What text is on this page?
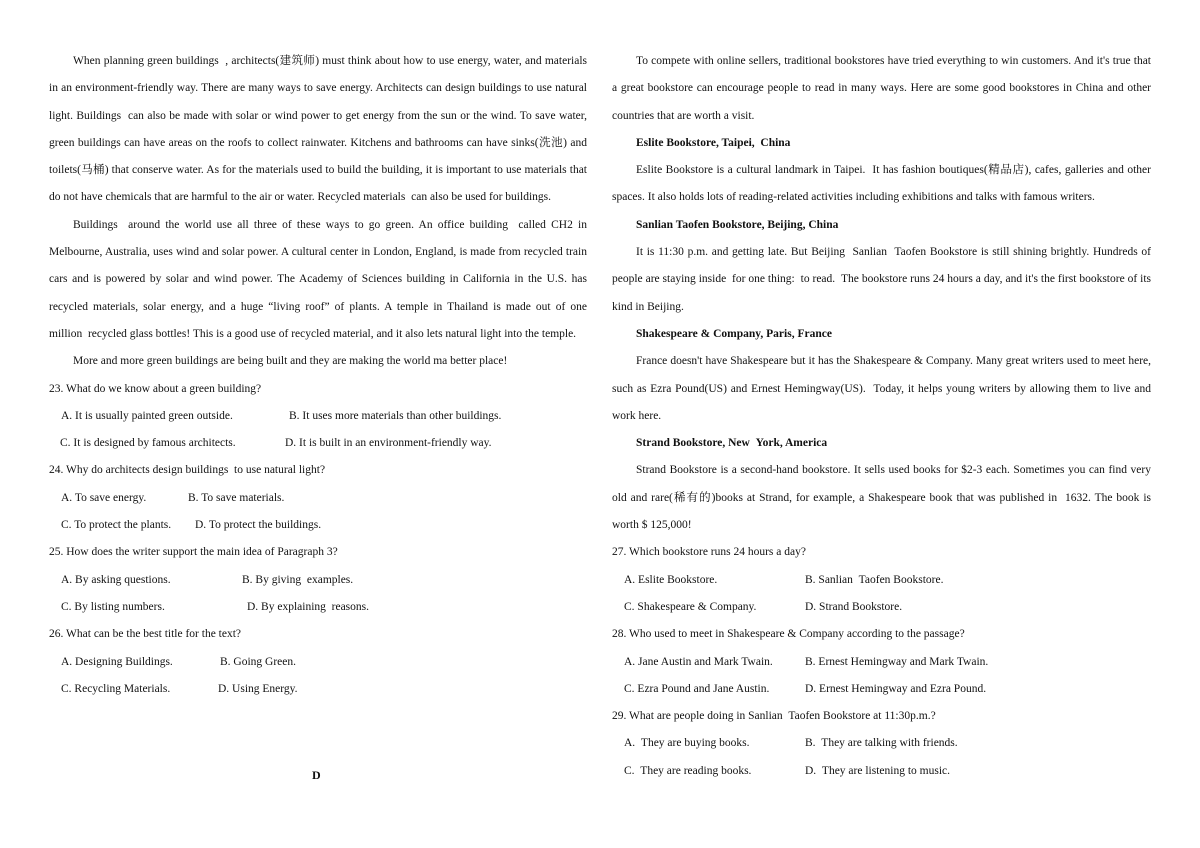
When planning green buildings  , architects(建筑师) must think about how to use energy, water, and materials in an environment-friendly way. There are many ways to save energy. Architects can design buildings to use natural light. Buildings  can also be made with solar or wind power to get energy from the sun or the wind. To save water, green buildings can have areas on the roofs to collect rainwater. Kitchens and bathrooms can have sinks(洗池) and toilets(马桶) that conserve water. As for the materials used to build the building, it is important to use materials that do not have chemicals that are harmful to the air or water. Recycled materials  can also be used for buildings.

Buildings  around the world use all three of these ways to go green. An office building  called CH2 in Melbourne, Australia, uses wind and solar power. A cultural center in London, England, is made from recycled train cars and is powered by solar and wind power. The Academy of Sciences building in California in the U.S. has recycled materials, solar energy, and a huge “living roof” of plants. A temple in Thailand is made out of one million  recycled glass bottles! This is a good use of recycled material, and it also lets natural light into the temple.

More and more green buildings are being built and they are making the world ma better place!

23. What do we know about a green building?

A. It is usually painted green outside.	B. It uses more materials than other buildings.
C. It is designed by famous architects.	D. It is built in an environment-friendly way.

24. Why do architects design buildings  to use natural light?

A. To save energy.	B. To save materials.
C. To protect the plants. D. To protect the buildings.

25. How does the writer support the main idea of Paragraph 3?

A. By asking questions.	B. By giving  examples.
C. By listing numbers.	D. By explaining  reasons.

26. What can be the best title for the text?

A. Designing Buildings.	B. Going Green.
C. Recycling Materials.	D. Using Energy.
D

To compete with online sellers, traditional bookstores have tried everything to win customers. And it's true that a great bookstore can encourage people to read in many ways. Here are some good bookstores in China and other countries that are worth a visit.

Eslite Bookstore, Taipei,  China

Eslite Bookstore is a cultural landmark in Taipei.  It has fashion boutiques(精品店), cafes, galleries and other spaces. It also holds lots of reading-related activities including exhibitions and talks with famous writers.

Sanlian Taofen Bookstore, Beijing, China

It is 11:30 p.m. and getting late. But Beijing  Sanlian  Taofen Bookstore is still shining brightly. Hundreds of people are staying inside  for one thing:  to read.  The bookstore runs 24 hours a day, and it's the first bookstore of its kind in Beijing.

Shakespeare & Company, Paris, France

France doesn't have Shakespeare but it has the Shakespeare & Company. Many great writers used to meet here, such as Ezra Pound(US) and Ernest Hemingway(US).  Today, it helps young writers by allowing them to live and work here.

Strand Bookstore, New  York, America

Strand Bookstore is a second-hand bookstore. It sells used books for $2-3 each. Sometimes you can find very old and rare(稀有的)books at Strand, for example, a Shakespeare book that was published in  1632. The book is worth $ 125,000!

27. Which bookstore runs 24 hours a day?

A. Eslite Bookstore.	B. Sanlian  Taofen Bookstore.
C. Shakespeare & Company.	D. Strand Bookstore.

28. Who used to meet in Shakespeare & Company according to the passage?

A. Jane Austin and Mark Twain.	B. Ernest Hemingway and Mark Twain.
C. Ezra Pound and Jane Austin.	D. Ernest Hemingway and Ezra Pound.

29. What are people doing in Sanlian  Taofen Bookstore at 11:30p.m.?

A.  They are buying books.	B.  They are talking with friends.
C.  They are reading books.	D.  They are listening to music.
